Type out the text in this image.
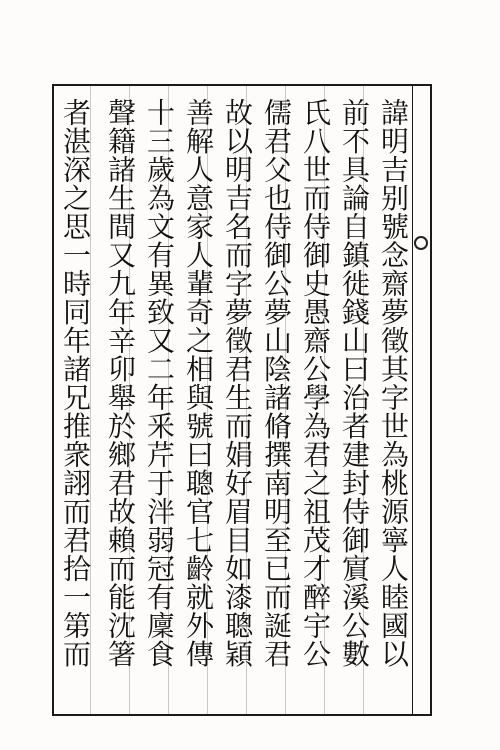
諱明吉别號念齋夢徵其字世為桃源寧人睦國以
前不具論自鎮徙錢山曰治者建封侍御賔溪公數
氏八世而侍御史愚齋公學為君之祖茂才醉宇公
儒君父也侍御公夢山陰諸脩撰南明至已而誕君
故以明吉名而字夢徵君生而娟好眉目如漆聰穎
善解人意家人輩奇之相與號曰聰官七齡就外傳
十三歲為文有異致又二年釆芹于泮弱冠有廩食
聲籍諸生間又九年辛卯舉於鄉君故賴而能沈箸
者湛深之思一時同年諸兄推衆詡而君拾一第而
